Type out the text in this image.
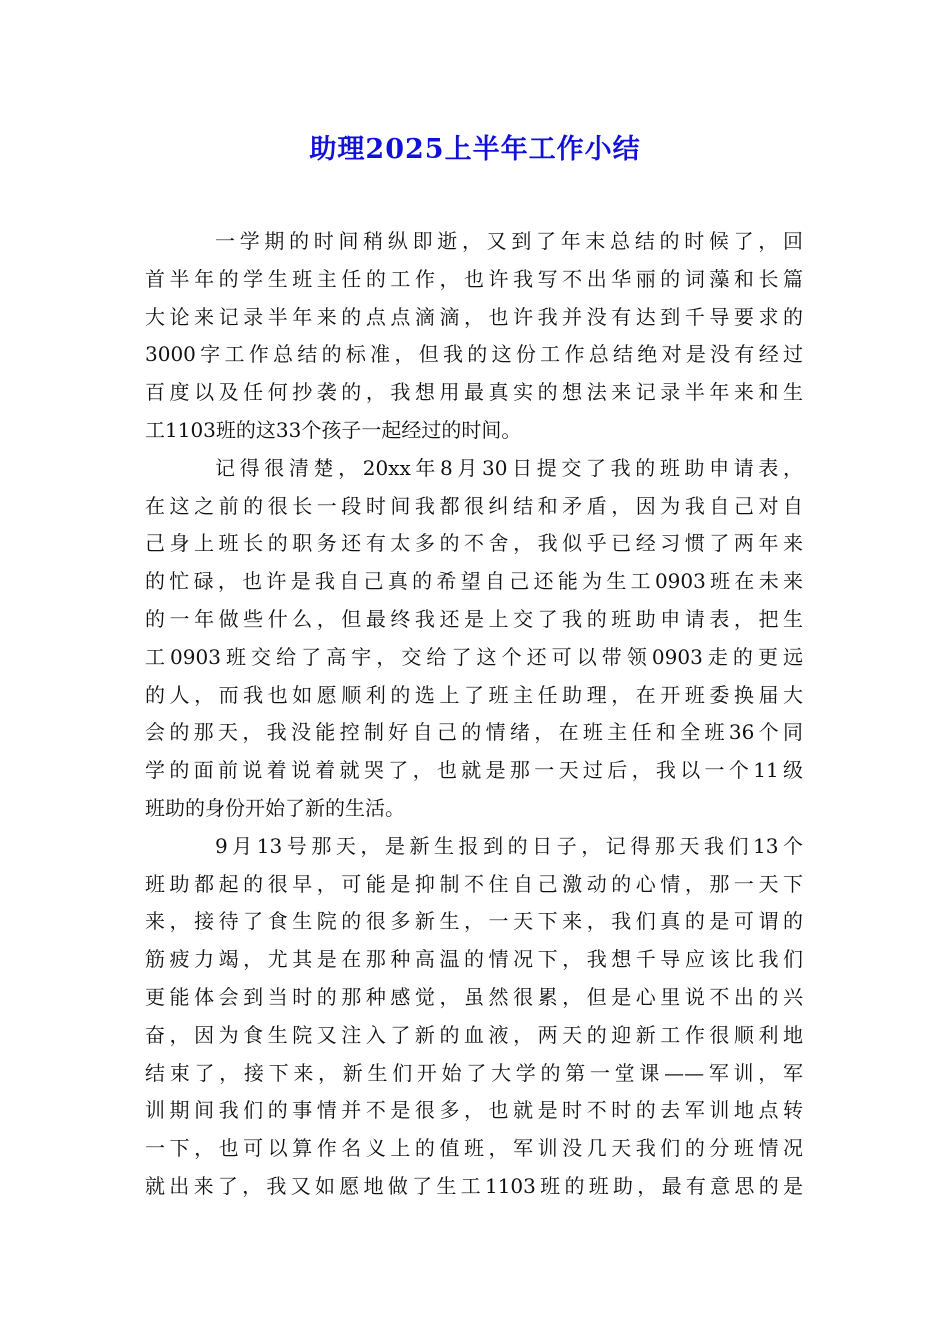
助理2025上半年工作小结
一学期的时间稍纵即逝，又到了年末总结的时候了，回
首半年的学生班主任的工作，也许我写不出华丽的词藻和长篇
大论来记录半年来的点点滴滴，也许我并没有达到千导要求的
3000字工作总结的标准，但我的这份工作总结绝对是没有经过
百度以及任何抄袭的，我想用最真实的想法来记录半年来和生
工1103班的这33个孩子一起经过的时间。
记得很清楚，20xx年8月30日提交了我的班助申请表，
在这之前的很长一段时间我都很纠结和矛盾，因为我自己对自
己身上班长的职务还有太多的不舍，我似乎已经习惯了两年来
的忙碌，也许是我自己真的希望自己还能为生工0903班在未来
的一年做些什么，但最终我还是上交了我的班助申请表，把生
工0903班交给了高宇，交给了这个还可以带领0903走的更远
的人，而我也如愿顺利的选上了班主任助理，在开班委换届大
会的那天，我没能控制好自己的情绪，在班主任和全班36个同
学的面前说着说着就哭了，也就是那一天过后，我以一个11级
班助的身份开始了新的生活。
9月13号那天，是新生报到的日子，记得那天我们13个
班助都起的很早，可能是抑制不住自己激动的心情，那一天下
来，接待了食生院的很多新生，一天下来，我们真的是可谓的
筋疲力竭，尤其是在那种高温的情况下，我想千导应该比我们
更能体会到当时的那种感觉，虽然很累，但是心里说不出的兴
奋，因为食生院又注入了新的血液，两天的迎新工作很顺利地
结束了，接下来，新生们开始了大学的第一堂课——军训，军
训期间我们的事情并不是很多，也就是时不时的去军训地点转
一下，也可以算作名义上的值班，军训没几天我们的分班情况
就出来了，我又如愿地做了生工1103班的班助，最有意思的是
